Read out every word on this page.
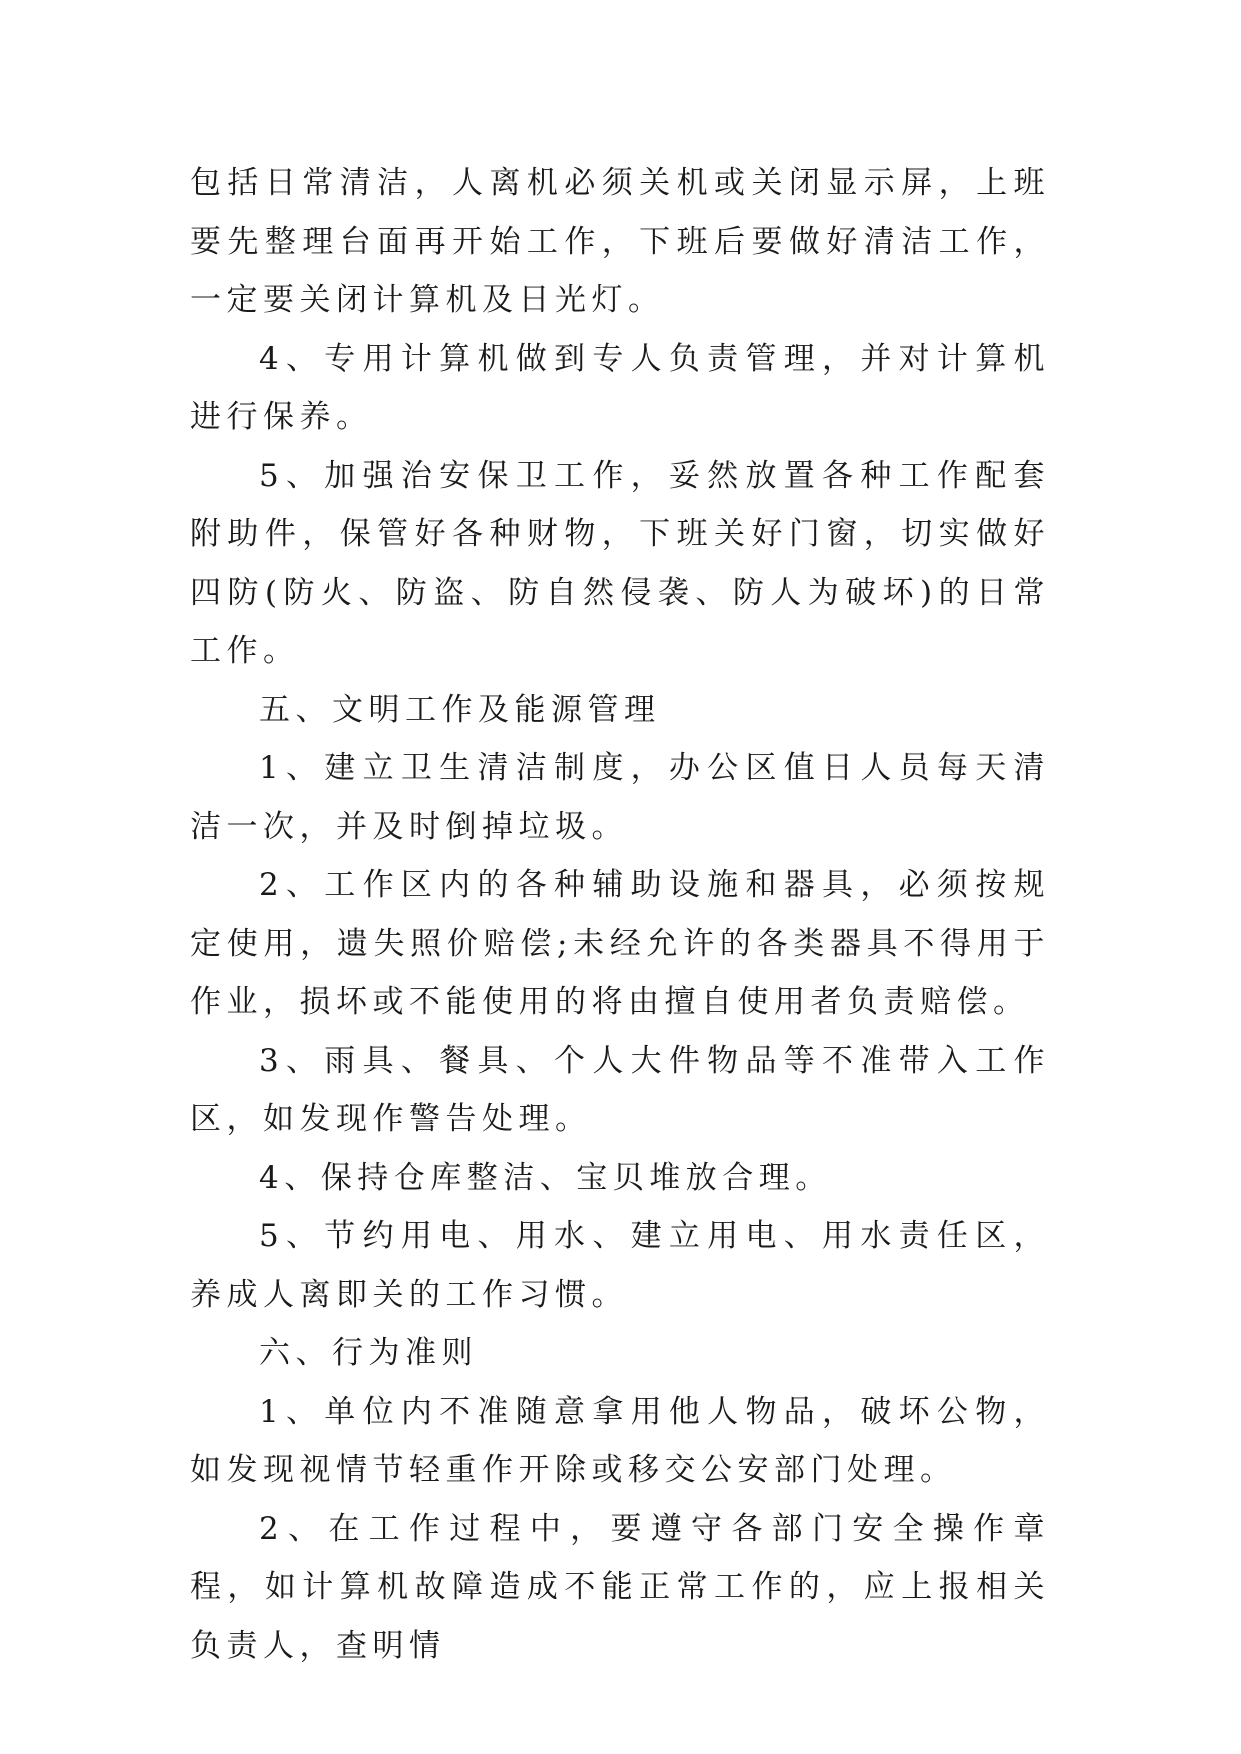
包括日常清洁，人离机必须关机或关闭显示屏，上班要先整理台面再开始工作，下班后要做好清洁工作，一定要关闭计算机及日光灯。

4、专用计算机做到专人负责管理，并对计算机进行保养。

5、加强治安保卫工作，妥然放置各种工作配套附助件，保管好各种财物，下班关好门窗，切实做好四防(防火、防盗、防自然侵袭、防人为破坏)的日常工作。

五、文明工作及能源管理

1、建立卫生清洁制度，办公区值日人员每天清洁一次，并及时倒掉垃圾。

2、工作区内的各种辅助设施和器具，必须按规定使用，遗失照价赔偿;未经允许的各类器具不得用于作业，损坏或不能使用的将由擅自使用者负责赔偿。

3、雨具、餐具、个人大件物品等不准带入工作区，如发现作警告处理。

4、保持仓库整洁、宝贝堆放合理。

5、节约用电、用水、建立用电、用水责任区，养成人离即关的工作习惯。

六、行为准则

1、单位内不准随意拿用他人物品，破坏公物，如发现视情节轻重作开除或移交公安部门处理。

2、在工作过程中，要遵守各部门安全操作章程，如计算机故障造成不能正常工作的，应上报相关负责人，查明情
